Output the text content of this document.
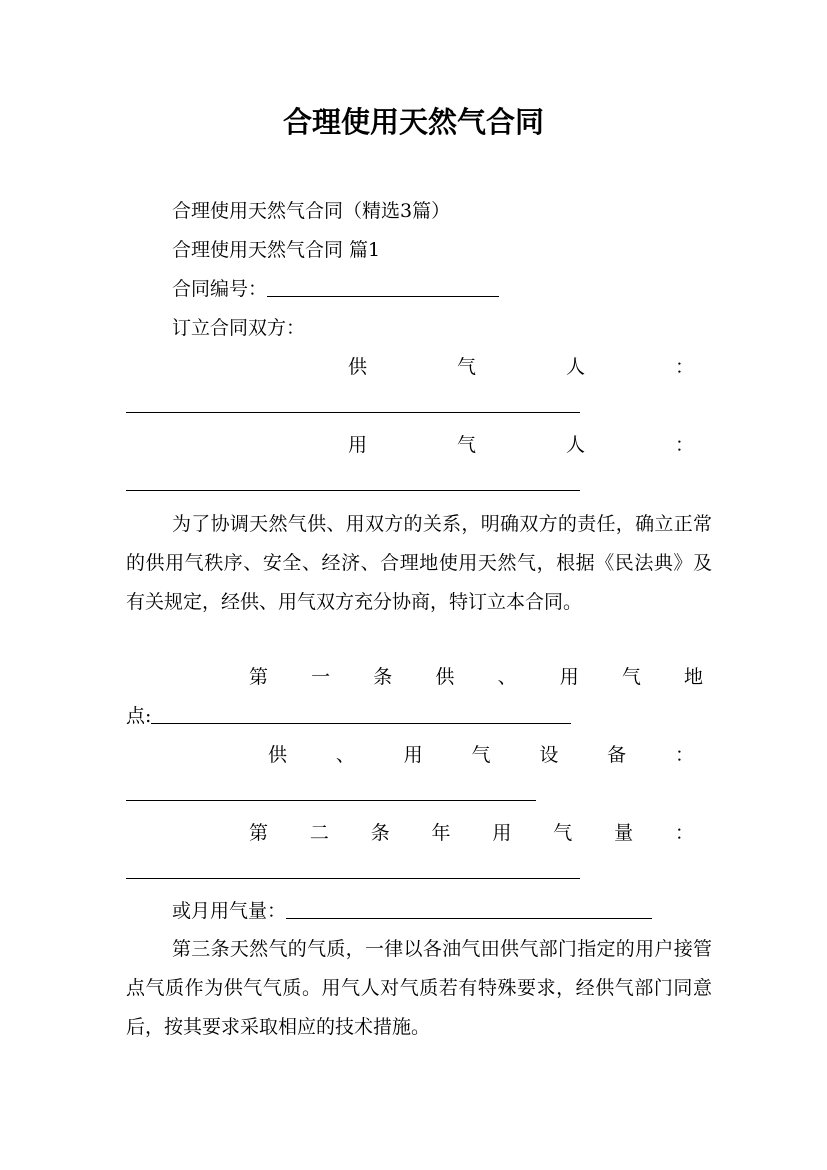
合理使用天然气合同
合理使用天然气合同（精选3篇）
合理使用天然气合同 篇1
合同编号：
订立合同双方：
供	气	人	：
用	气	人	：
为了协调天然气供、用双方的关系，明确双方的责任，确立正常的供用气秩序、安全、经济、合理地使用天然气，根据《民法典》及有关规定，经供、用气双方充分协商，特订立本合同。
第 一 条 供 、 用 气 地
点:
供	、	用	气	设	备	：
第 二 条 年 用 气 量 ：
或月用气量：
第三条天然气的气质，一律以各油气田供气部门指定的用户接管点气质作为供气气质。用气人对气质若有特殊要求，经供气部门同意后，按其要求采取相应的技术措施。
